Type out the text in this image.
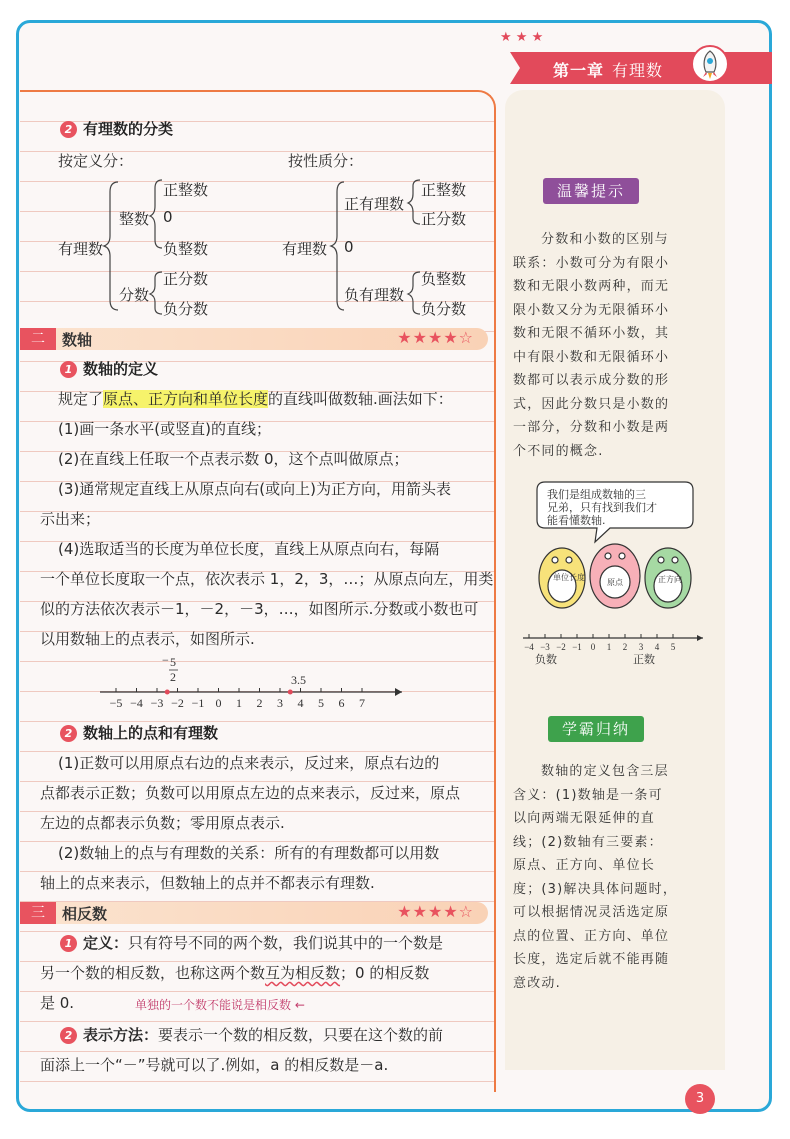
★ ★ ★
第一章 有理数
2 有理数的分类
按定义分：	按性质分：
有理数
整数
分数
正整数
0
负整数
正分数
负分数
有理数
正有理数
0
负有理数
正整数
正分数
负整数
负分数
二	数轴	★★★★☆
1 数轴的定义
规定了原点、正方向和单位长度的直线叫做数轴.画法如下：
(1)画一条水平(或竖直)的直线；
(2)在直线上任取一个点表示数 0，这个点叫做原点；
(3)通常规定直线上从原点向右(或向上)为正方向，用箭头表
示出来；
(4)选取适当的长度为单位长度，直线上从原点向右，每隔
一个单位长度取一个点，依次表示 1，2，3，…；从原点向左，用类
似的方法依次表示－1，－2，－3，…，如图所示.分数或小数也可
以用数轴上的点表示，如图所示.
−5 −4 −3 −2 −1 0 1 2 3 4 5 6 7
− 5
2	3.5
2 数轴上的点和有理数
(1)正数可以用原点右边的点来表示，反过来，原点右边的
点都表示正数；负数可以用原点左边的点来表示，反过来，原点
左边的点都表示负数；零用原点表示.
(2)数轴上的点与有理数的关系：所有的有理数都可以用数
轴上的点来表示，但数轴上的点并不都表示有理数.
三	相反数	★★★★☆
1 定义：只有符号不同的两个数，我们说其中的一个数是
另一个数的相反数，也称这两个数互为相反数；0 的相反数
是 0.	单独的一个数不能说是相反数 ←
2 表示方法：要表示一个数的相反数，只要在这个数的前
面添上一个“－”号就可以了.例如，a 的相反数是－a.
温馨提示
分数和小数的区别与
联系：小数可分为有限小
数和无限小数两种，而无
限小数又分为无限循环小
数和无限不循环小数，其
中有限小数和无限循环小
数都可以表示成分数的形
式，因此分数只是小数的
一部分，分数和小数是两
个不同的概念.
我们是组成数轴的三
兄弟，只有找到我们才
能看懂数轴.
单位长度
原点	正方向
−4 −3 −2 −1 0 1 2 3 4 5
负数	正数
学霸归纳
数轴的定义包含三层
含义：(1)数轴是一条可
以向两端无限延伸的直
线；(2)数轴有三要素：
原点、正方向、单位长
度；(3)解决具体问题时，
可以根据情况灵活选定原
点的位置、正方向、单位
长度，选定后就不能再随
意改动.
3
